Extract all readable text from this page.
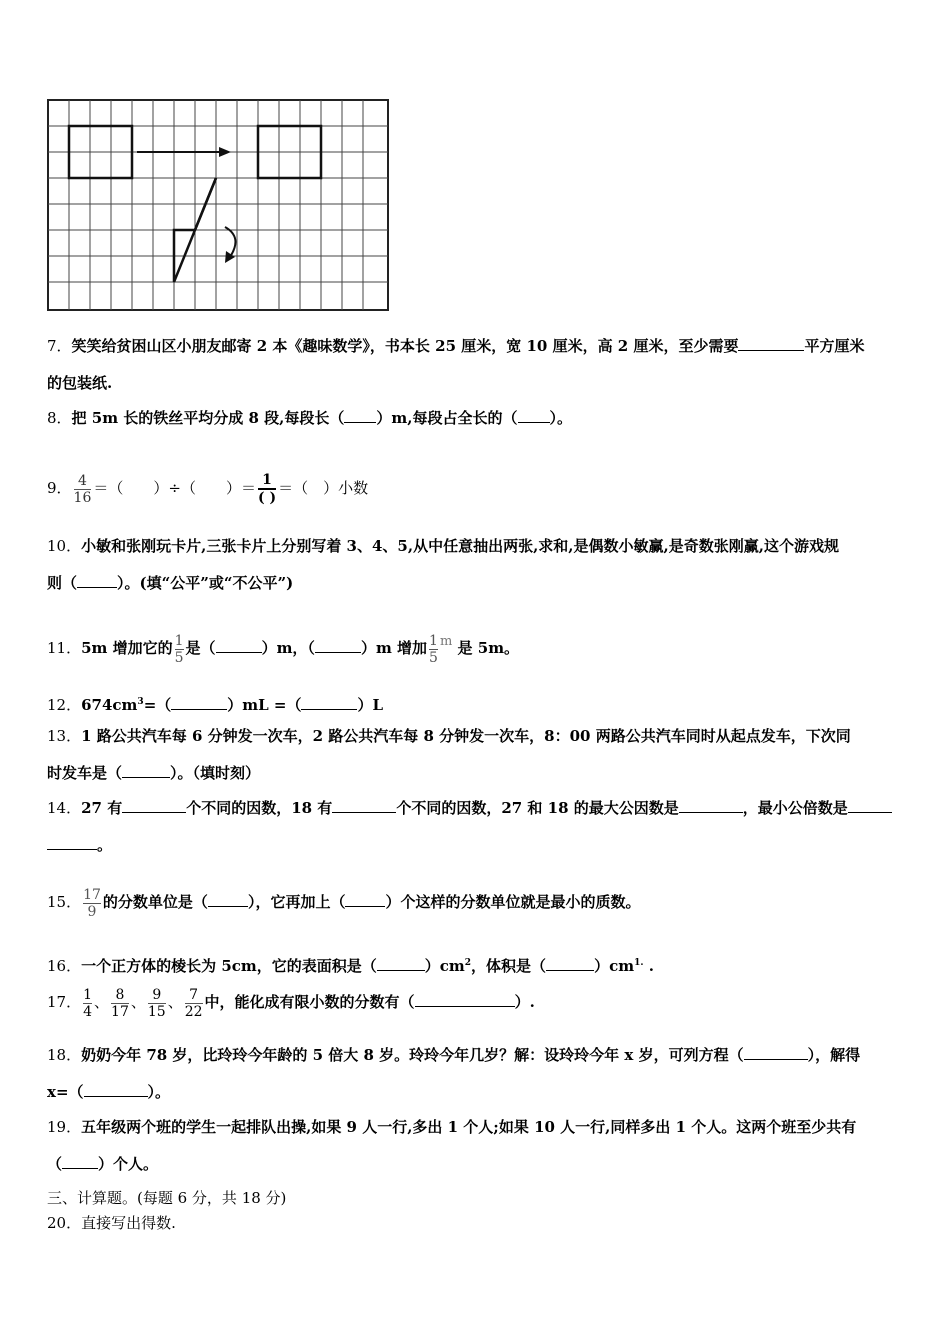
7．笑笑给贫困山区小朋友邮寄 2 本《趣味数学》，书本长 25 厘米，宽 10 厘米，高 2 厘米，至少需要	平方厘米
的包装纸.
8．把 5m 长的铁丝平均分成 8 段,每段长（ ）m,每段占全长的（ ）。
9． $\frac{4}{16}$ ＝（　　）÷（　　）＝ $\frac{1}{( )}$ ＝（　）小数
10．小敏和张刚玩卡片,三张卡片上分别写着 3、4、5,从中任意抽出两张,求和,是偶数小敏赢,是奇数张刚赢,这个游戏规
则（	）。(填“公平”或“不公平”)
11．5m 增加它的 $\frac{1}{5}$ 是（	）m，（	）m 增加 $\frac{1}{5}$ m 是 5m。
12．$674cm^3=$（	）mL =（	）L
13．1 路公共汽车每 6 分钟发一次车，2 路公共汽车每 8 分钟发一次车，8：00 两路公共汽车同时从起点发车，下次同
时发车是（	）。（填时刻）
14．27 有	个不同的因数，18 有	个不同的因数，27 和 18 的最大公因数是	，最小公倍数是
。
15． $\frac{17}{9}$ 的分数单位是（	），它再加上（	）个这样的分数单位就是最小的质数。
16．一个正方体的棱长为 5cm，它的表面积是（	）$cm^2$，体积是（	）$cm^{1.}$ .
17． $\frac{1}{4}$ 、 $\frac{8}{17}$ 、 $\frac{9}{15}$ 、 $\frac{7}{22}$ 中，能化成有限小数的分数有（	）.
18．奶奶今年 78 岁，比玲玲今年龄的 5 倍大 8 岁。玲玲今年几岁？解：设玲玲今年 x 岁，可列方程（	），解得
x=（	）。
19．五年级两个班的学生一起排队出操,如果 9 人一行,多出 1 个人;如果 10 人一行,同样多出 1 个人。这两个班至少共有
（ ）个人。
三、计算题。(每题 6 分，共 18 分)
20．直接写出得数.
